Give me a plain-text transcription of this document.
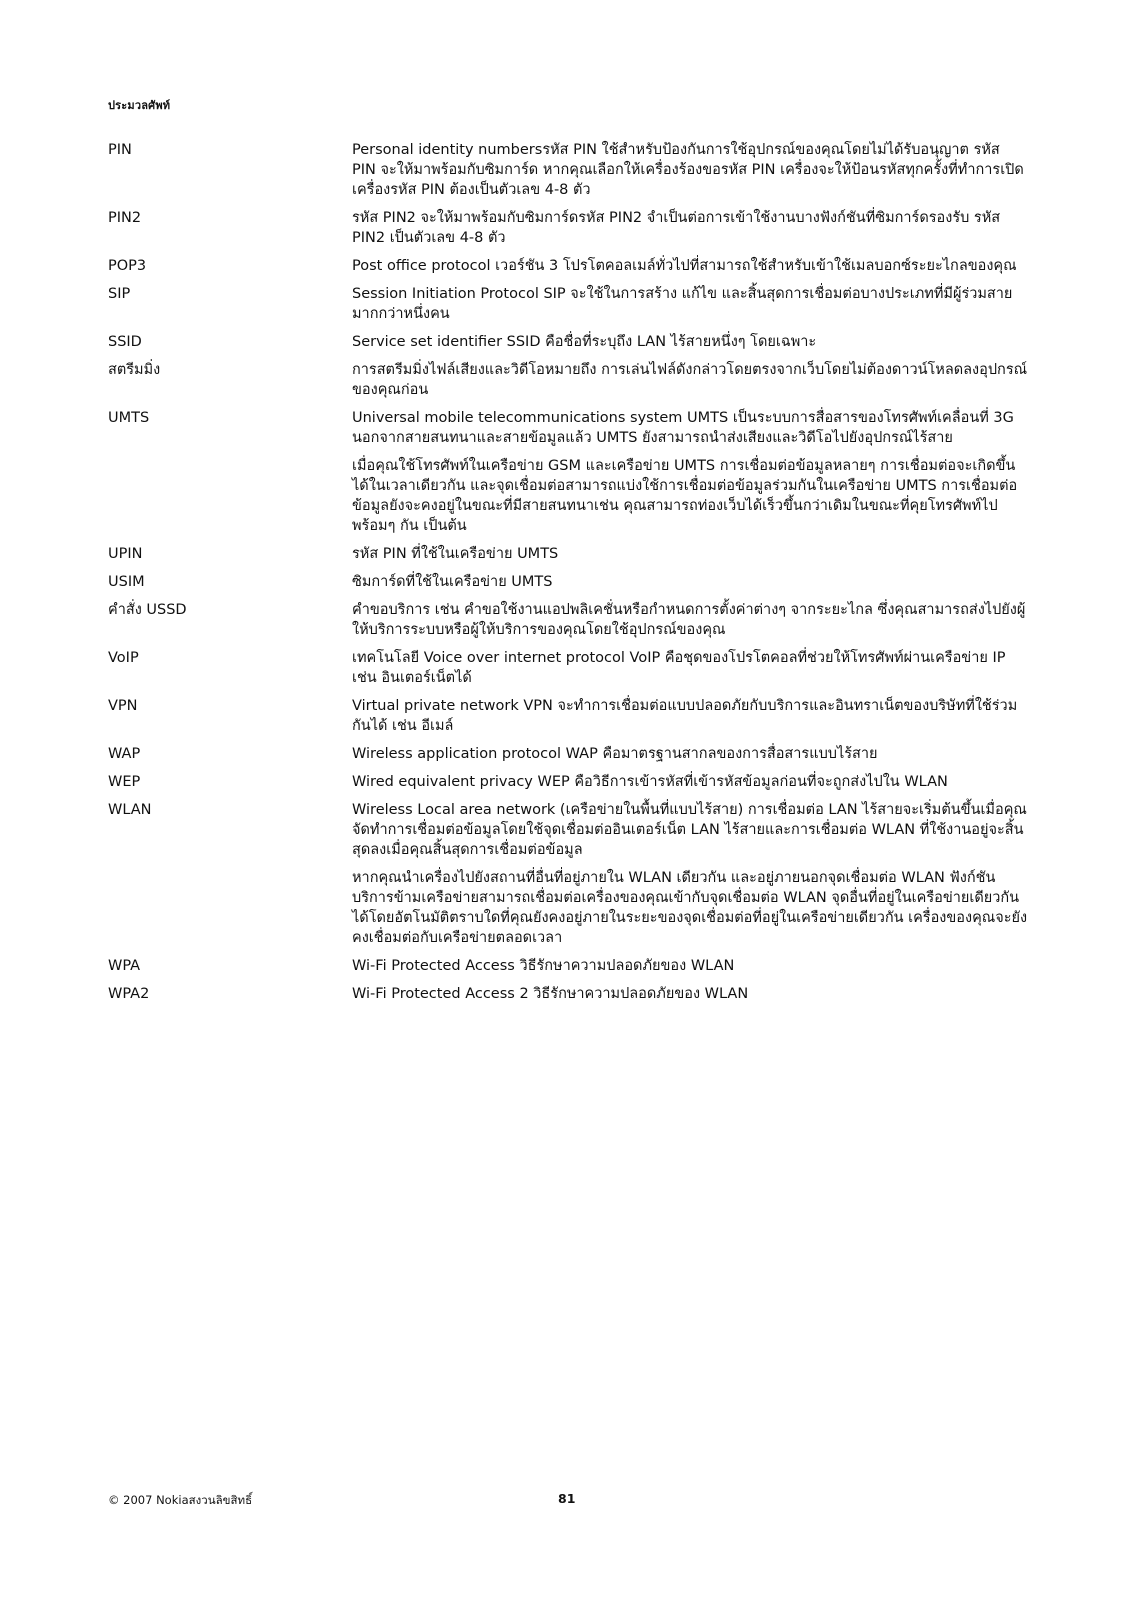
ประมวลศัพท์
PIN	Personal identity numbersรหัส PIN ใช้สำหรับป้องกันการใช้อุปกรณ์ของคุณโดยไม่ได้รับอนุญาต รหัส PIN จะให้มาพร้อมกับซิมการ์ด หากคุณเลือกให้เครื่องร้องขอรหัส PIN เครื่องจะให้ป้อนรหัสทุกครั้งที่ทำการเปิดเครื่องรหัส PIN ต้องเป็นตัวเลข 4-8 ตัว
PIN2	รหัส PIN2 จะให้มาพร้อมกับซิมการ์ดรหัส PIN2 จำเป็นต่อการเข้าใช้งานบางฟังก์ชันที่ซิมการ์ดรองรับ รหัส PIN2 เป็นตัวเลข 4-8 ตัว
POP3	Post office protocol เวอร์ชัน 3 โปรโตคอลเมล์ทั่วไปที่สามารถใช้สำหรับเข้าใช้เมลบอกซ์ระยะไกลของคุณ
SIP	Session Initiation Protocol SIP จะใช้ในการสร้าง แก้ไข และสิ้นสุดการเชื่อมต่อบางประเภทที่มีผู้ร่วมสายมากกว่าหนึ่งคน
SSID	Service set identifier SSID คือชื่อที่ระบุถึง LAN ไร้สายหนึ่งๆ โดยเฉพาะ
สตรีมมิ่ง	การสตรีมมิ่งไฟล์เสียงและวิดีโอหมายถึง การเล่นไฟล์ดังกล่าวโดยตรงจากเว็บโดยไม่ต้องดาวน์โหลดลงอุปกรณ์ของคุณก่อน
UMTS	Universal mobile telecommunications system UMTS เป็นระบบการสื่อสารของโทรศัพท์เคลื่อนที่ 3G นอกจากสายสนทนาและสายข้อมูลแล้ว UMTS ยังสามารถนำส่งเสียงและวิดีโอไปยังอุปกรณ์ไร้สาย
เมื่อคุณใช้โทรศัพท์ในเครือข่าย GSM และเครือข่าย UMTS การเชื่อมต่อข้อมูลหลายๆ การเชื่อมต่อจะเกิดขึ้นได้ในเวลาเดียวกัน และจุดเชื่อมต่อสามารถแบ่งใช้การเชื่อมต่อข้อมูลร่วมกันในเครือข่าย UMTS การเชื่อมต่อข้อมูลยังจะคงอยู่ในขณะที่มีสายสนทนาเช่น คุณสามารถท่องเว็บได้เร็วขึ้นกว่าเดิมในขณะที่คุยโทรศัพท์ไปพร้อมๆ กัน เป็นต้น
UPIN	รหัส PIN ที่ใช้ในเครือข่าย UMTS
USIM	ซิมการ์ดที่ใช้ในเครือข่าย UMTS
คำสั่ง USSD	คำขอบริการ เช่น คำขอใช้งานแอปพลิเคชั่นหรือกำหนดการตั้งค่าต่างๆ จากระยะไกล ซึ่งคุณสามารถส่งไปยังผู้ให้บริการระบบหรือผู้ให้บริการของคุณโดยใช้อุปกรณ์ของคุณ
VoIP	เทคโนโลยี Voice over internet protocol VoIP คือชุดของโปรโตคอลที่ช่วยให้โทรศัพท์ผ่านเครือข่าย IP เช่น อินเตอร์เน็ตได้
VPN	Virtual private network VPN จะทำการเชื่อมต่อแบบปลอดภัยกับบริการและอินทราเน็ตของบริษัทที่ใช้ร่วมกันได้ เช่น อีเมล์
WAP	Wireless application protocol WAP คือมาตรฐานสากลของการสื่อสารแบบไร้สาย
WEP	Wired equivalent privacy WEP คือวิธีการเข้ารหัสที่เข้ารหัสข้อมูลก่อนที่จะถูกส่งไปใน WLAN
WLAN	Wireless Local area network (เครือข่ายในพื้นที่แบบไร้สาย) การเชื่อมต่อ LAN ไร้สายจะเริ่มต้นขึ้นเมื่อคุณจัดทำการเชื่อมต่อข้อมูลโดยใช้จุดเชื่อมต่ออินเตอร์เน็ต LAN ไร้สายและการเชื่อมต่อ WLAN ที่ใช้งานอยู่จะสิ้นสุดลงเมื่อคุณสิ้นสุดการเชื่อมต่อข้อมูล
หากคุณนำเครื่องไปยังสถานที่อื่นที่อยู่ภายใน WLAN เดียวกัน และอยู่ภายนอกจุดเชื่อมต่อ WLAN ฟังก์ชันบริการข้ามเครือข่ายสามารถเชื่อมต่อเครื่องของคุณเข้ากับจุดเชื่อมต่อ WLAN จุดอื่นที่อยู่ในเครือข่ายเดียวกันได้โดยอัตโนมัติตราบใดที่คุณยังคงอยู่ภายในระยะของจุดเชื่อมต่อที่อยู่ในเครือข่ายเดียวกัน เครื่องของคุณจะยังคงเชื่อมต่อกับเครือข่ายตลอดเวลา
WPA	Wi-Fi Protected Access วิธีรักษาความปลอดภัยของ WLAN
WPA2	Wi-Fi Protected Access 2 วิธีรักษาความปลอดภัยของ WLAN
© 2007 Nokiaสงวนลิขสิทธิ์	81
